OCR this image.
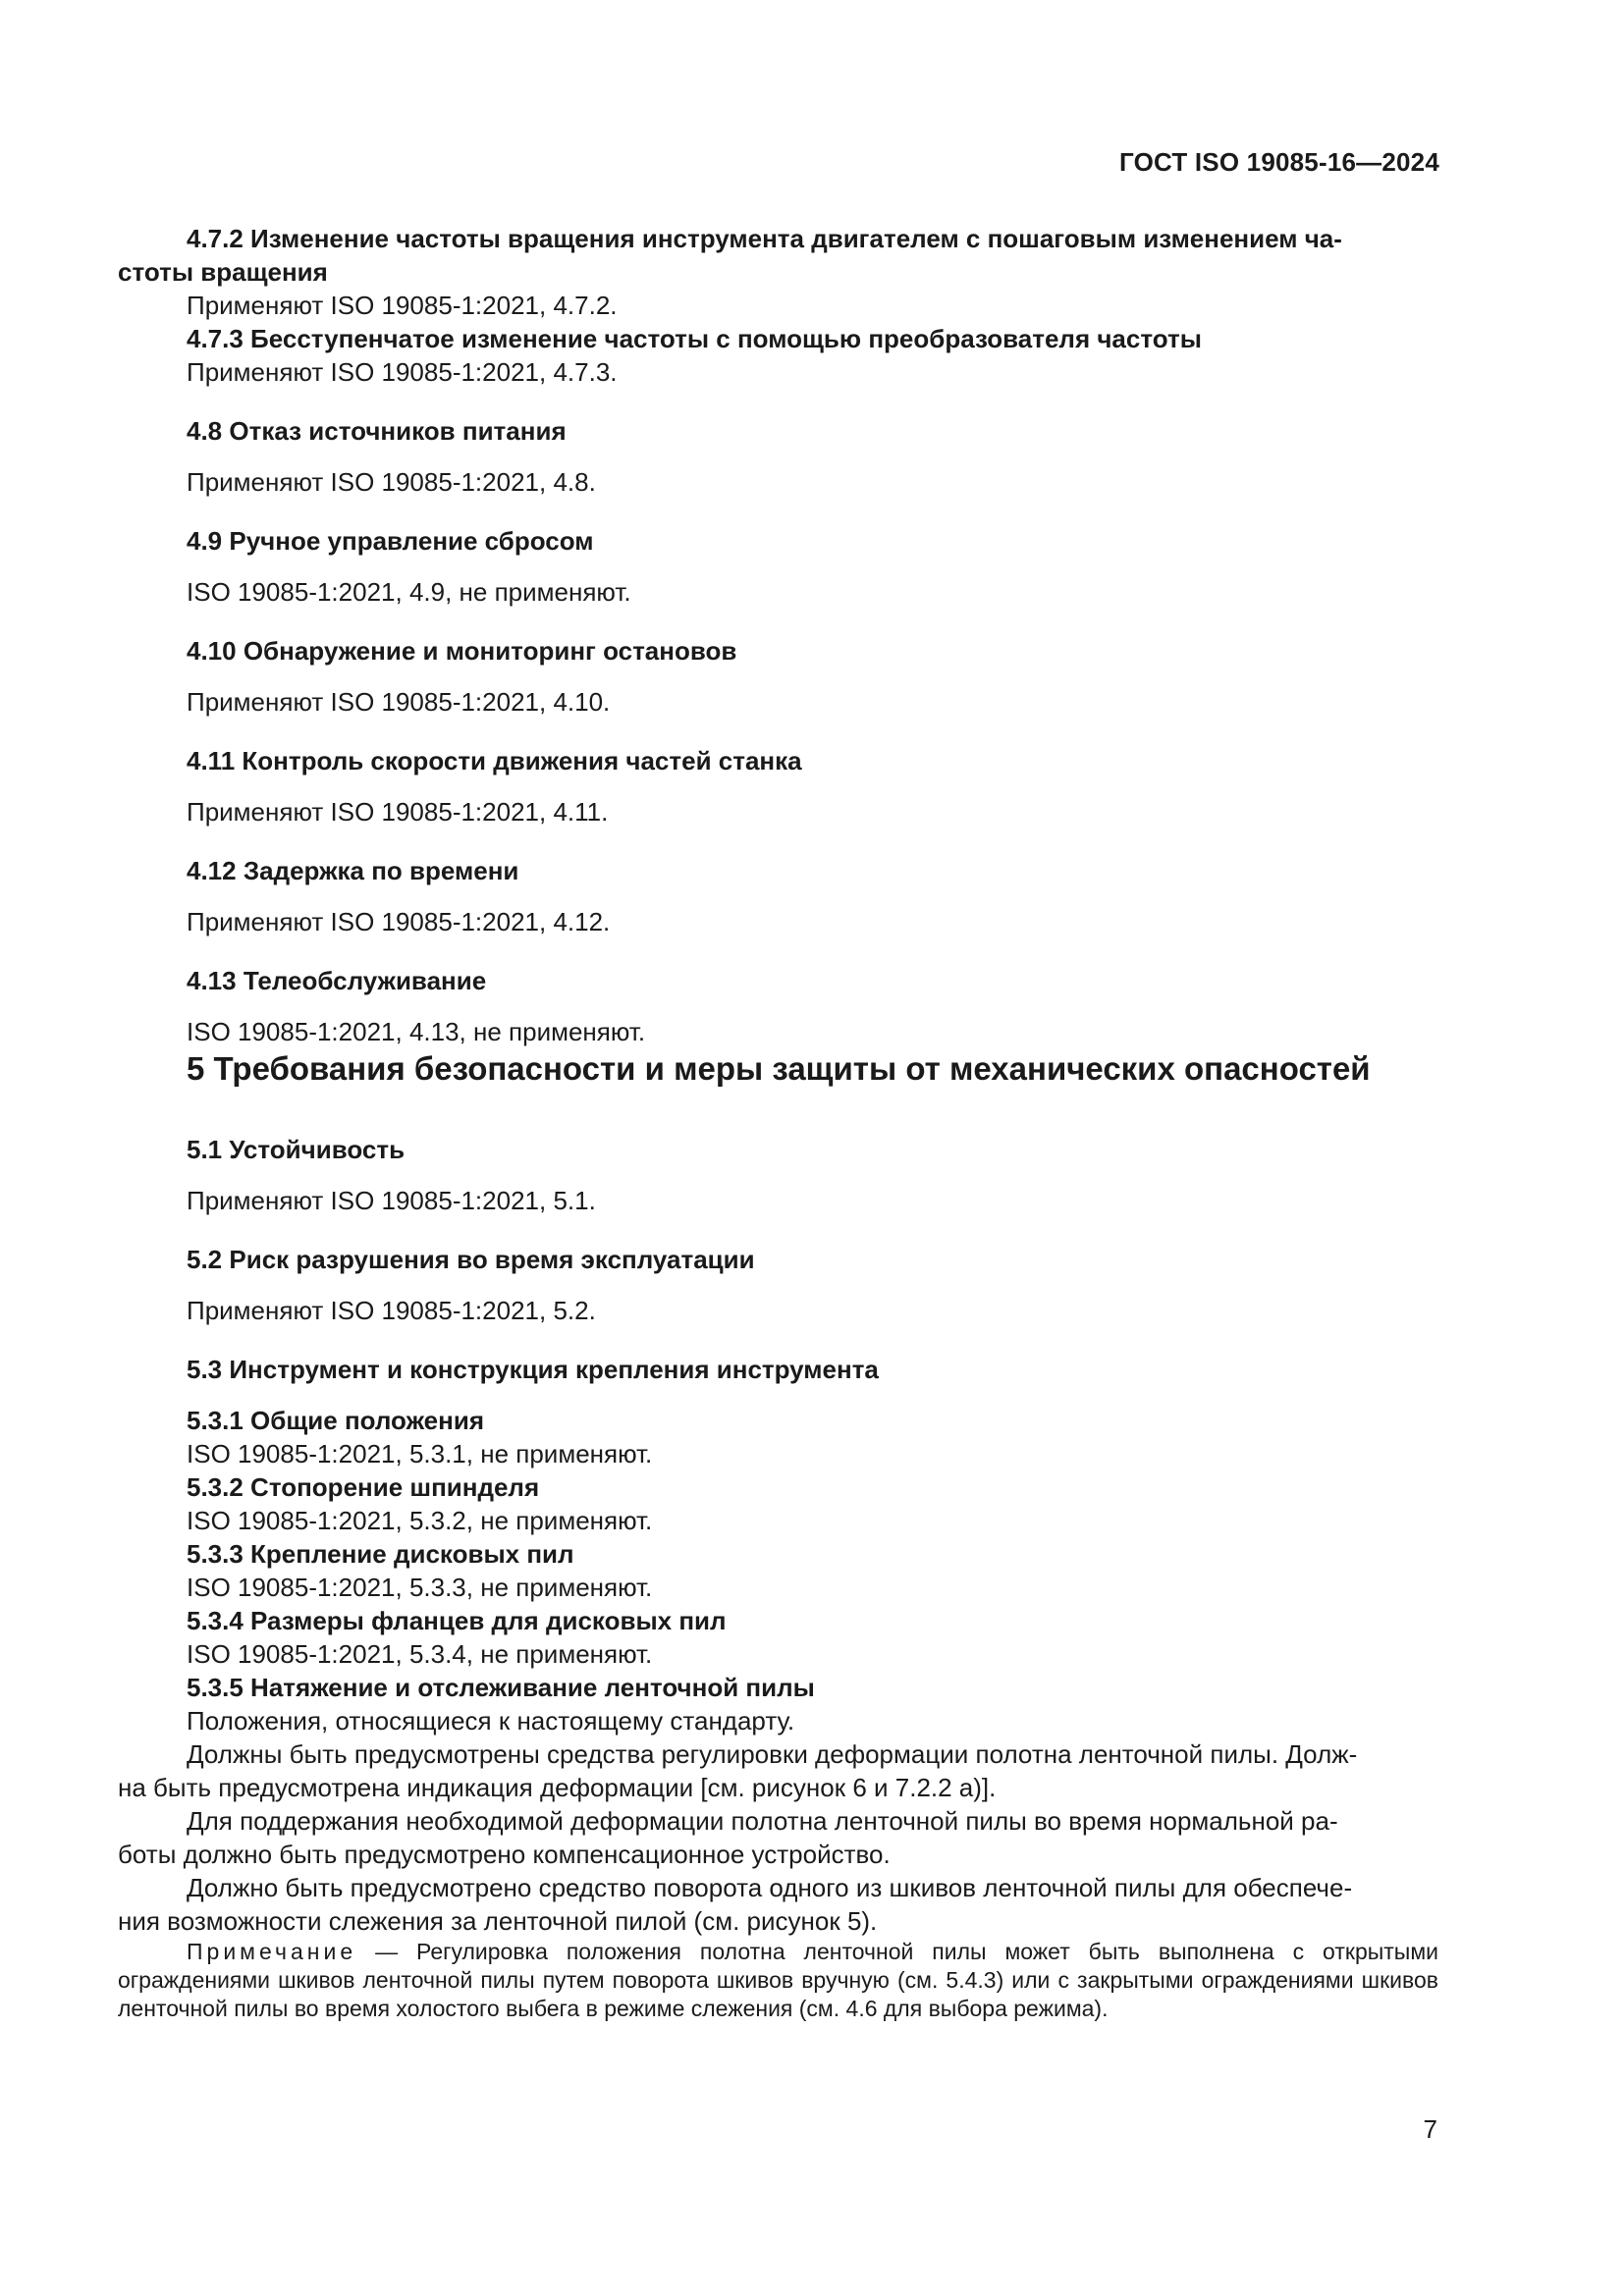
ГОСТ ISO 19085-16—2024

4.7.2 Изменение частоты вращения инструмента двигателем с пошаговым изменением ча-

стоты вращения

Применяют ISO 19085-1:2021, 4.7.2.

4.7.3 Бесступенчатое изменение частоты с помощью преобразователя частоты

Применяют ISO 19085-1:2021, 4.7.3.

4.8 Отказ источников питания

Применяют ISO 19085-1:2021, 4.8.

4.9 Ручное управление сбросом

ISO 19085-1:2021, 4.9, не применяют.

4.10 Обнаружение и мониторинг остановов

Применяют ISO 19085-1:2021, 4.10.

4.11 Контроль скорости движения частей станка

Применяют ISO 19085-1:2021, 4.11.

4.12 Задержка по времени

Применяют ISO 19085-1:2021, 4.12.

4.13 Телеобслуживание

ISO 19085-1:2021, 4.13, не применяют.

5 Требования безопасности и меры защиты от механических опасностей

5.1 Устойчивость

Применяют ISO 19085-1:2021, 5.1.

5.2 Риск разрушения во время эксплуатации

Применяют ISO 19085-1:2021, 5.2.

5.3 Инструмент и конструкция крепления инструмента

5.3.1 Общие положения

ISO 19085-1:2021, 5.3.1, не применяют.

5.3.2 Стопорение шпинделя

ISO 19085-1:2021, 5.3.2, не применяют.

5.3.3 Крепление дисковых пил

ISO 19085-1:2021, 5.3.3, не применяют.

5.3.4 Размеры фланцев для дисковых пил

ISO 19085-1:2021, 5.3.4, не применяют.

5.3.5 Натяжение и отслеживание ленточной пилы

Положения, относящиеся к настоящему стандарту.

Должны быть предусмотрены средства регулировки деформации полотна ленточной пилы. Долж-

на быть предусмотрена индикация деформации [см. рисунок 6 и 7.2.2 а)].

Для поддержания необходимой деформации полотна ленточной пилы во время нормальной ра-

боты должно быть предусмотрено компенсационное устройство.

Должно быть предусмотрено средство поворота одного из шкивов ленточной пилы для обеспече-

ния возможности слежения за ленточной пилой (см. рисунок 5).

Примечание — Регулировка положения полотна ленточной пилы может быть выполнена с открытыми ограждениями шкивов ленточной пилы путем поворота шкивов вручную (см. 5.4.3) или с закрытыми ограждениями шкивов ленточной пилы во время холостого выбега в режиме слежения (см. 4.6 для выбора режима).

7
